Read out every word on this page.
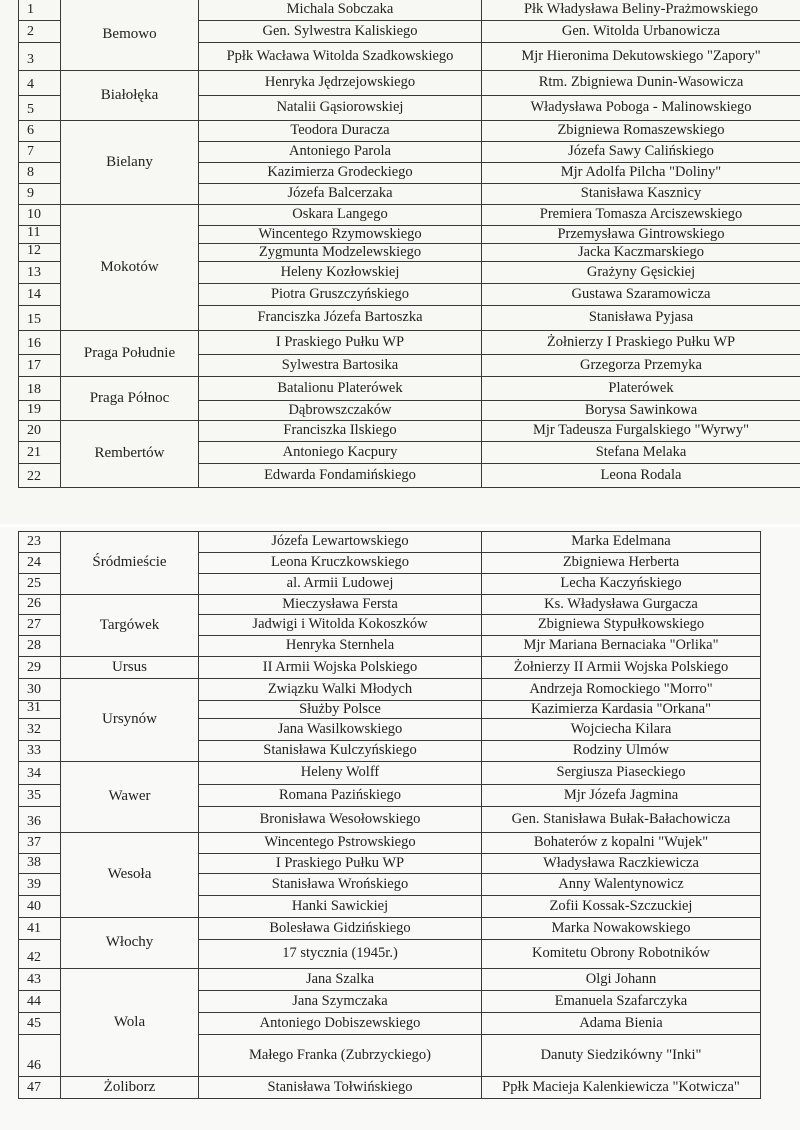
1	Bemowo	Michala Sobczaka	Płk Władysława Beliny-Prażmowskiego
2		Gen. Sylwestra Kaliskiego	Gen. Witolda Urbanowicza
3		Ppłk Wacława Witolda Szadkowskiego	Mjr Hieronima Dekutowskiego "Zapory"
4	Białołęka	Henryka Jędrzejowskiego	Rtm. Zbigniewa Dunin-Wasowicza
5		Natalii Gąsiorowskiej	Władysława Poboga - Malinowskiego
6	Bielany	Teodora Duracza	Zbigniewa Romaszewskiego
7		Antoniego Parola	Józefa Sawy Calińskiego
8		Kazimierza Grodeckiego	Mjr Adolfa Pilcha "Doliny"
9		Józefa Balcerzaka	Stanisława Kasznicy
10	Mokotów	Oskara Langego	Premiera Tomasza Arciszewskiego
11		Wincentego Rzymowskiego	Przemysława Gintrowskiego
12		Zygmunta Modzelewskiego	Jacka Kaczmarskiego
13		Heleny Kozłowskiej	Grażyny Gęsickiej
14		Piotra Gruszczyńskiego	Gustawa Szaramowicza
15		Franciszka Józefa Bartoszka	Stanisława Pyjasa
16	Praga Południe	I Praskiego Pułku WP	Żołnierzy I Praskiego Pułku WP
17		Sylwestra Bartosika	Grzegorza Przemyka
18	Praga Północ	Batalionu Platerówek	Platerówek
19		Dąbrowszczaków	Borysa Sawinkowa
20	Rembertów	Franciszka Ilskiego	Mjr Tadeusza Furgalskiego "Wyrwy"
21		Antoniego Kacpury	Stefana Melaka
22		Edwarda Fondamińskiego	Leona Rodala
23	Śródmieście	Józefa Lewartowskiego	Marka Edelmana
24		Leona Kruczkowskiego	Zbigniewa Herberta
25		al. Armii Ludowej	Lecha Kaczyńskiego
26	Targówek	Mieczysława Fersta	Ks. Władysława Gurgacza
27		Jadwigi i Witolda Kokoszków	Zbigniewa Stypułkowskiego
28		Henryka Sternhela	Mjr Mariana Bernaciaka "Orlika"
29	Ursus	II Armii Wojska Polskiego	Żołnierzy II Armii Wojska Polskiego
30	Ursynów	Związku Walki Młodych	Andrzeja Romockiego "Morro"
31		Służby Polsce	Kazimierza Kardasia "Orkana"
32		Jana Wasilkowskiego	Wojciecha Kilara
33		Stanisława Kulczyńskiego	Rodziny Ulmów
34	Wawer	Heleny Wolff	Sergiusza Piaseckiego
35		Romana Pazińskiego	Mjr Józefa Jagmina
36		Bronisława Wesołowskiego	Gen. Stanisława Bułak-Bałachowicza
37	Wesoła	Wincentego Pstrowskiego	Bohaterów z kopalni "Wujek"
38		I Praskiego Pułku WP	Władysława Raczkiewicza
39		Stanisława Wrońskiego	Anny Walentynowicz
40		Hanki Sawickiej	Zofii Kossak-Szczuckiej
41	Włochy	Bolesława Gidzińskiego	Marka Nowakowskiego
42		17 stycznia (1945r.)	Komitetu Obrony Robotników
43	Wola	Jana Szalka	Olgi Johann
44		Jana Szymczaka	Emanuela Szafarczyka
45		Antoniego Dobiszewskiego	Adama Bienia
46		Małego Franka (Zubrzyckiego)	Danuty Siedzikówny "Inki"
47	Żoliborz	Stanisława Tołwińskiego	Ppłk Macieja Kalenkiewicza "Kotwicza"
